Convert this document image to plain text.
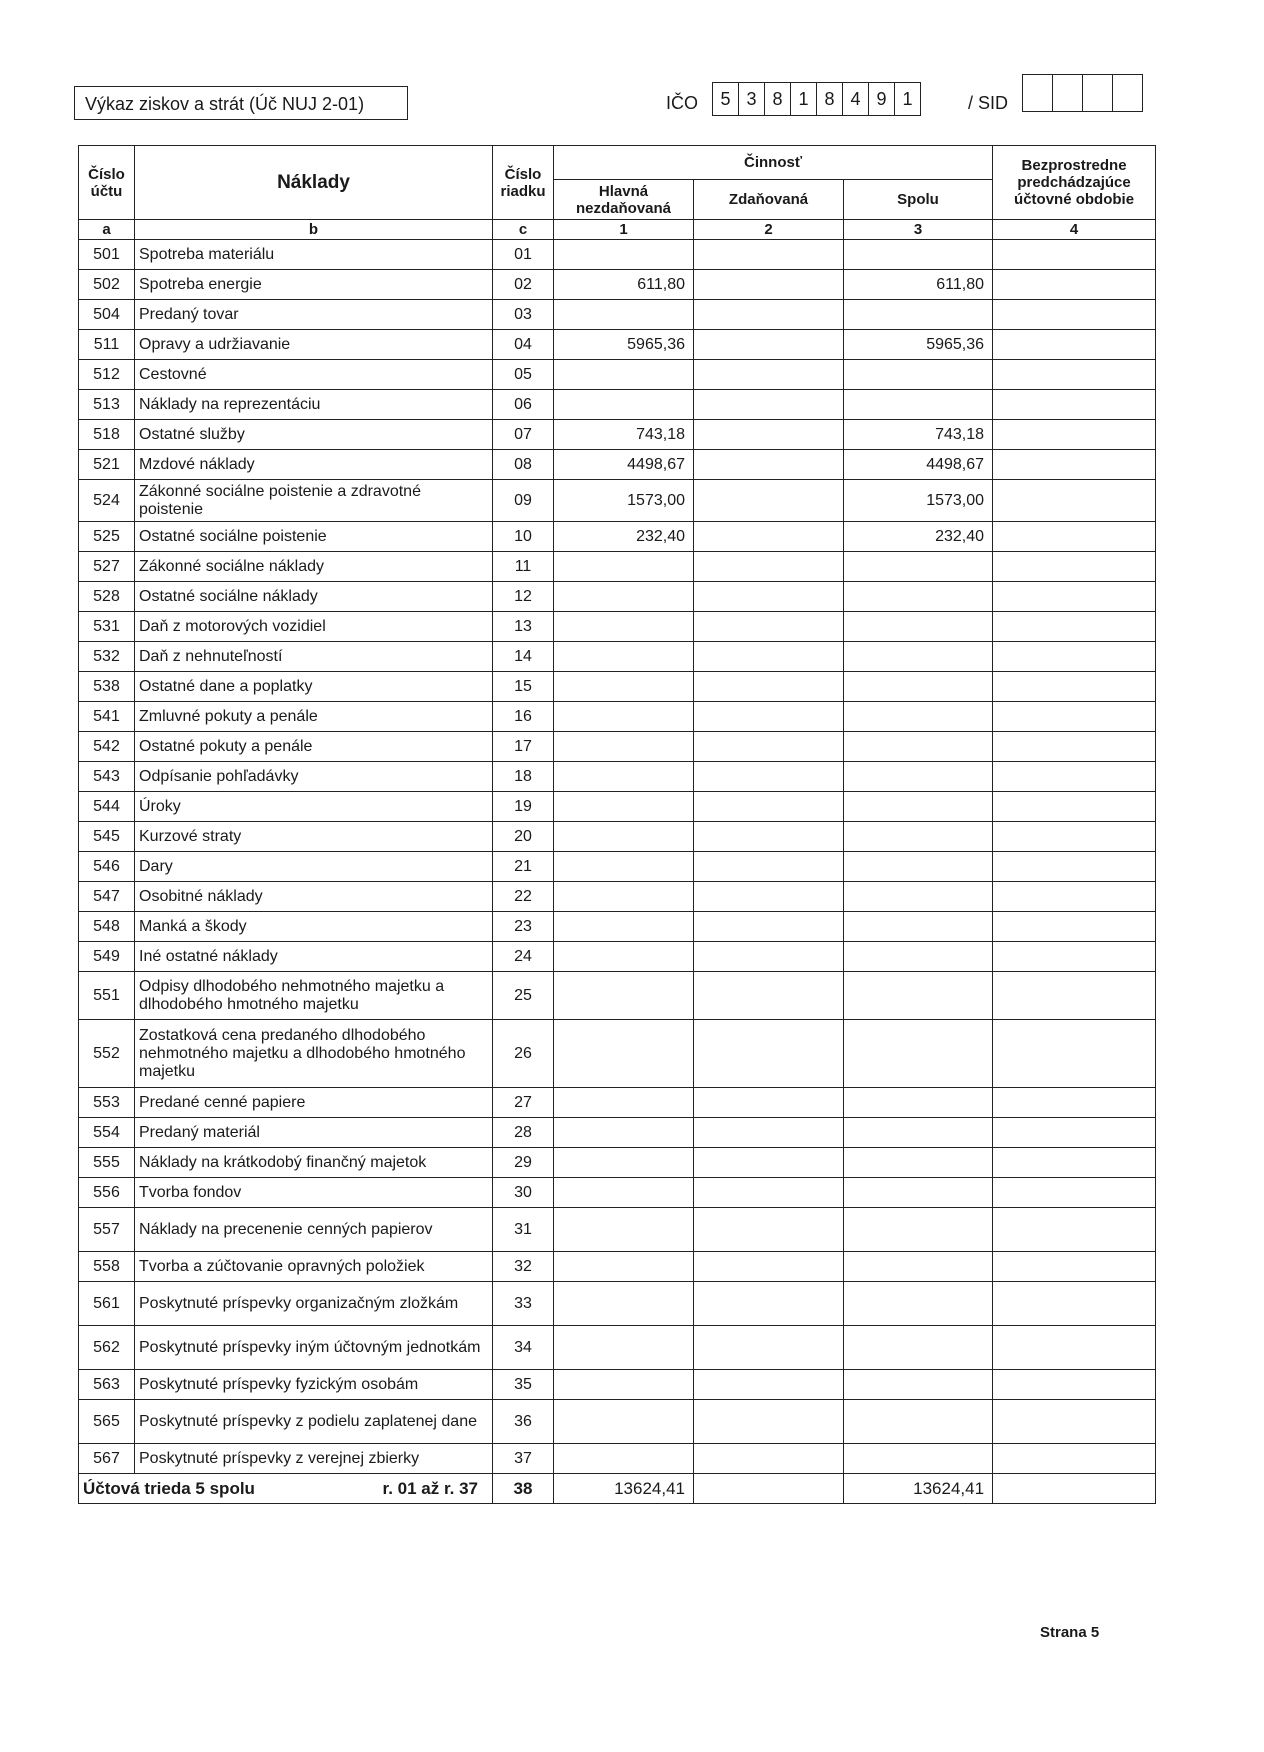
Výkaz ziskov a strát (Úč NUJ 2-01)	IČO	5 3 8 1 8 4 9 1	/ SID
Číslo účtu	Náklady	Číslo riadku	Činnosť			Bezprostredne predchádzajúce účtovné obdobie
			Hlavná nezdaňovaná	Zdaňovaná	Spolu	
a	b	c	1	2	3	4
501	Spotreba materiálu	01				
502	Spotreba energie	02	611,80		611,80	
504	Predaný tovar	03				
511	Opravy a udržiavanie	04	5965,36		5965,36	
512	Cestovné	05				
513	Náklady na reprezentáciu	06				
518	Ostatné služby	07	743,18		743,18	
521	Mzdové náklady	08	4498,67		4498,67	
524	Zákonné sociálne poistenie a zdravotné poistenie	09	1573,00		1573,00	
525	Ostatné sociálne poistenie	10	232,40		232,40	
527	Zákonné sociálne náklady	11				
528	Ostatné sociálne náklady	12				
531	Daň z motorových vozidiel	13				
532	Daň z nehnuteľností	14				
538	Ostatné dane a poplatky	15				
541	Zmluvné pokuty a penále	16				
542	Ostatné pokuty a penále	17				
543	Odpísanie pohľadávky	18				
544	Úroky	19				
545	Kurzové straty	20				
546	Dary	21				
547	Osobitné náklady	22				
548	Manká a škody	23				
549	Iné ostatné náklady	24				
551	Odpisy dlhodobého nehmotného majetku a dlhodobého hmotného majetku	25				
552	Zostatková cena predaného dlhodobého nehmotného majetku a dlhodobého hmotného majetku	26				
553	Predané cenné papiere	27				
554	Predaný materiál	28				
555	Náklady na krátkodobý finančný majetok	29				
556	Tvorba fondov	30				
557	Náklady na precenenie cenných papierov	31				
558	Tvorba a zúčtovanie opravných položiek	32				
561	Poskytnuté príspevky organizačným zložkám	33				
562	Poskytnuté príspevky iným účtovným jednotkám	34				
563	Poskytnuté príspevky fyzickým osobám	35				
565	Poskytnuté príspevky z podielu zaplatenej dane	36				
567	Poskytnuté príspevky z verejnej zbierky	37				
Účtová trieda 5 spolu r. 01 až r. 37		38	13624,41		13624,41	
Strana 5
